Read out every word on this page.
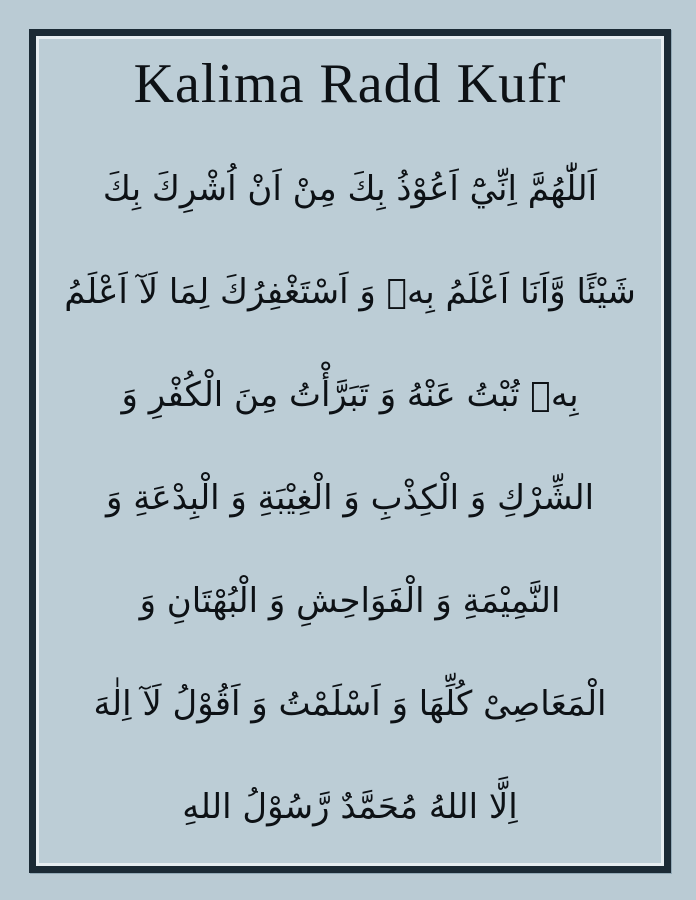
Kalima Radd Kufr
اَللّٰهُمَّ اِنِّيْٓ اَعُوْذُ بِكَ مِنْ اَنْ اُشْرِكَ بِكَ
شَيْئًا وَّاَنَا اَعْلَمُ بِهٖ وَ اَسْتَغْفِرُكَ لِمَا لَآ اَعْلَمُ
بِهٖ تُبْتُ عَنْهُ وَ تَبَرَّأْتُ مِنَ الْكُفْرِ وَ
الشِّرْكِ وَ الْكِذْبِ وَ الْغِيْبَةِ وَ الْبِدْعَةِ وَ
النَّمِيْمَةِ وَ الْفَوَاحِشِ وَ الْبُهْتَانِ وَ
الْمَعَاصِىْ كُلِّهَا وَ اَسْلَمْتُ وَ اَقُوْلُ لَآ اِلٰهَ
اِلَّا اللهُ مُحَمَّدٌ رَّسُوْلُ اللهِ
